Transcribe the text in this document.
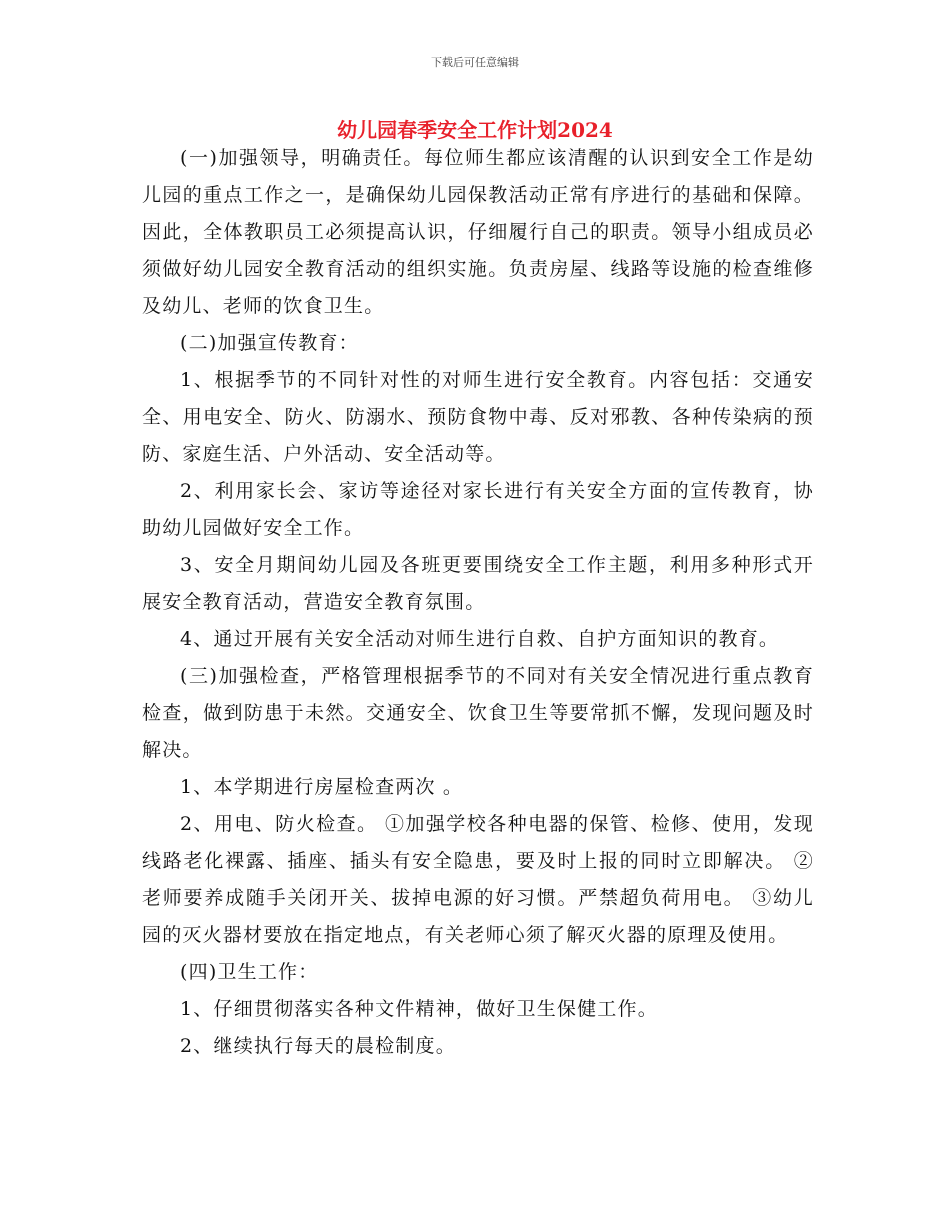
下载后可任意编辑
幼儿园春季安全工作计划2024

(一)加强领导，明确责任。每位师生都应该清醒的认识到安全工作是幼儿园的重点工作之一，是确保幼儿园保教活动正常有序进行的基础和保障。因此，全体教职员工必须提高认识，仔细履行自己的职责。领导小组成员必须做好幼儿园安全教育活动的组织实施。负责房屋、线路等设施的检查维修及幼儿、老师的饮食卫生。

(二)加强宣传教育：

1、根据季节的不同针对性的对师生进行安全教育。内容包括：交通安全、用电安全、防火、防溺水、预防食物中毒、反对邪教、各种传染病的预防、家庭生活、户外活动、安全活动等。

2、利用家长会、家访等途径对家长进行有关安全方面的宣传教育，协助幼儿园做好安全工作。

3、安全月期间幼儿园及各班更要围绕安全工作主题，利用多种形式开展安全教育活动，营造安全教育氛围。

4、通过开展有关安全活动对师生进行自救、自护方面知识的教育。

(三)加强检查，严格管理根据季节的不同对有关安全情况进行重点教育检查，做到防患于未然。交通安全、饮食卫生等要常抓不懈，发现问题及时解决。

1、本学期进行房屋检查两次 。

2、用电、防火检查。 ①加强学校各种电器的保管、检修、使用，发现线路老化裸露、插座、插头有安全隐患，要及时上报的同时立即解决。 ②老师要养成随手关闭开关、拔掉电源的好习惯。严禁超负荷用电。 ③幼儿园的灭火器材要放在指定地点，有关老师心须了解灭火器的原理及使用。

(四)卫生工作：

1、仔细贯彻落实各种文件精神，做好卫生保健工作。

2、继续执行每天的晨检制度。
